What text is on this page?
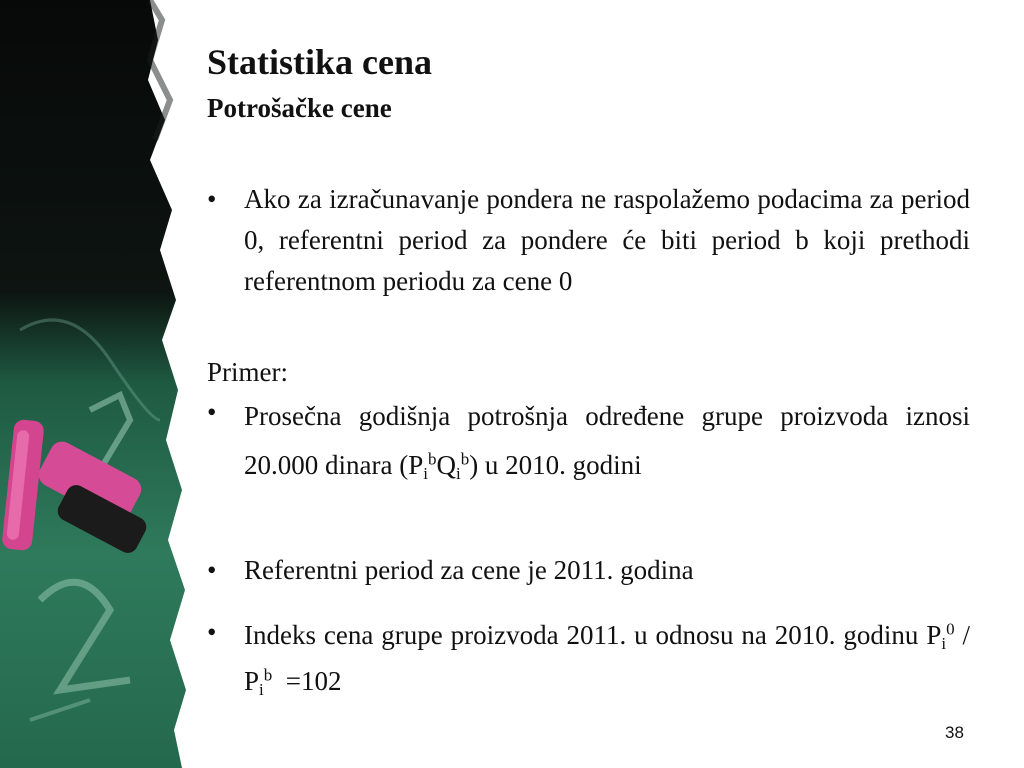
Statistika cena
Potrošačke cene
• Ako za izračunavanje pondera ne raspolažemo podacima za period 0, referentni period za pondere će biti period b koji prethodi referentnom periodu za cene 0
Primer:
• Prosečna godišnja potrošnja određene grupe proizvoda iznosi 20.000 dinara $(P_i^bQ_i^b)$ u 2010. godini
• Referentni period za cene je 2011. godina
• Indeks cena grupe proizvoda 2011. u odnosu na 2010. godinu $P_i^0 / P_i^b =102$
38
